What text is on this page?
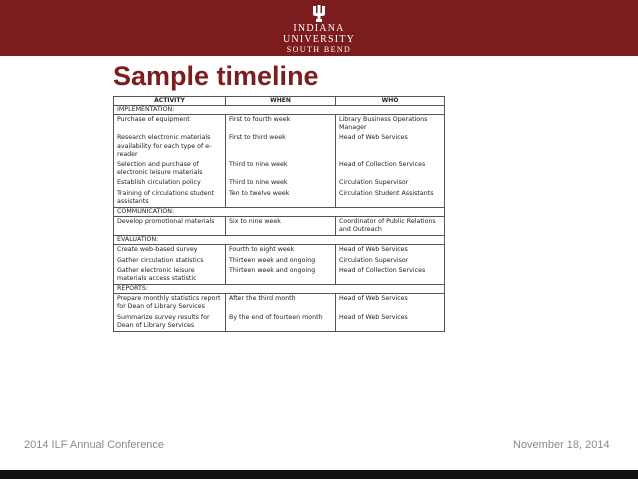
INDIANA UNIVERSITY
SOUTH BEND
Sample timeline
ACTIVITY	WHEN	WHO
IMPLEMENTATION:		
Purchase of equipment	First to fourth week	Library Business Operations Manager
Research electronic materials availability for each type of e-reader	First to third week	Head of Web Services
Selection and purchase of electronic leisure materials	Third to nine week	Head of Collection Services
Establish circulation policy	Third to nine week	Circulation Supervisor
Training of circulations student assistants	Ten to twelve week	Circulation Student Assistants
COMMUNICATION:		
Develop promotional materials	Six to nine week	Coordinator of Public Relations and Outreach
EVALUATION:		
Create web-based survey	Fourth to eight week	Head of Web Services
Gather circulation statistics	Thirteen week and ongoing	Circulation Supervisor
Gather electronic leisure materials access statistic	Thirteen week and ongoing	Head of Collection Services
REPORTS:		
Prepare monthly statistics report for Dean of Library Services	After the third month	Head of Web Services
Summarize survey results for Dean of Library Services	By the end of fourteen month	Head of Web Services
2014 ILF Annual Conference	November 18, 2014
